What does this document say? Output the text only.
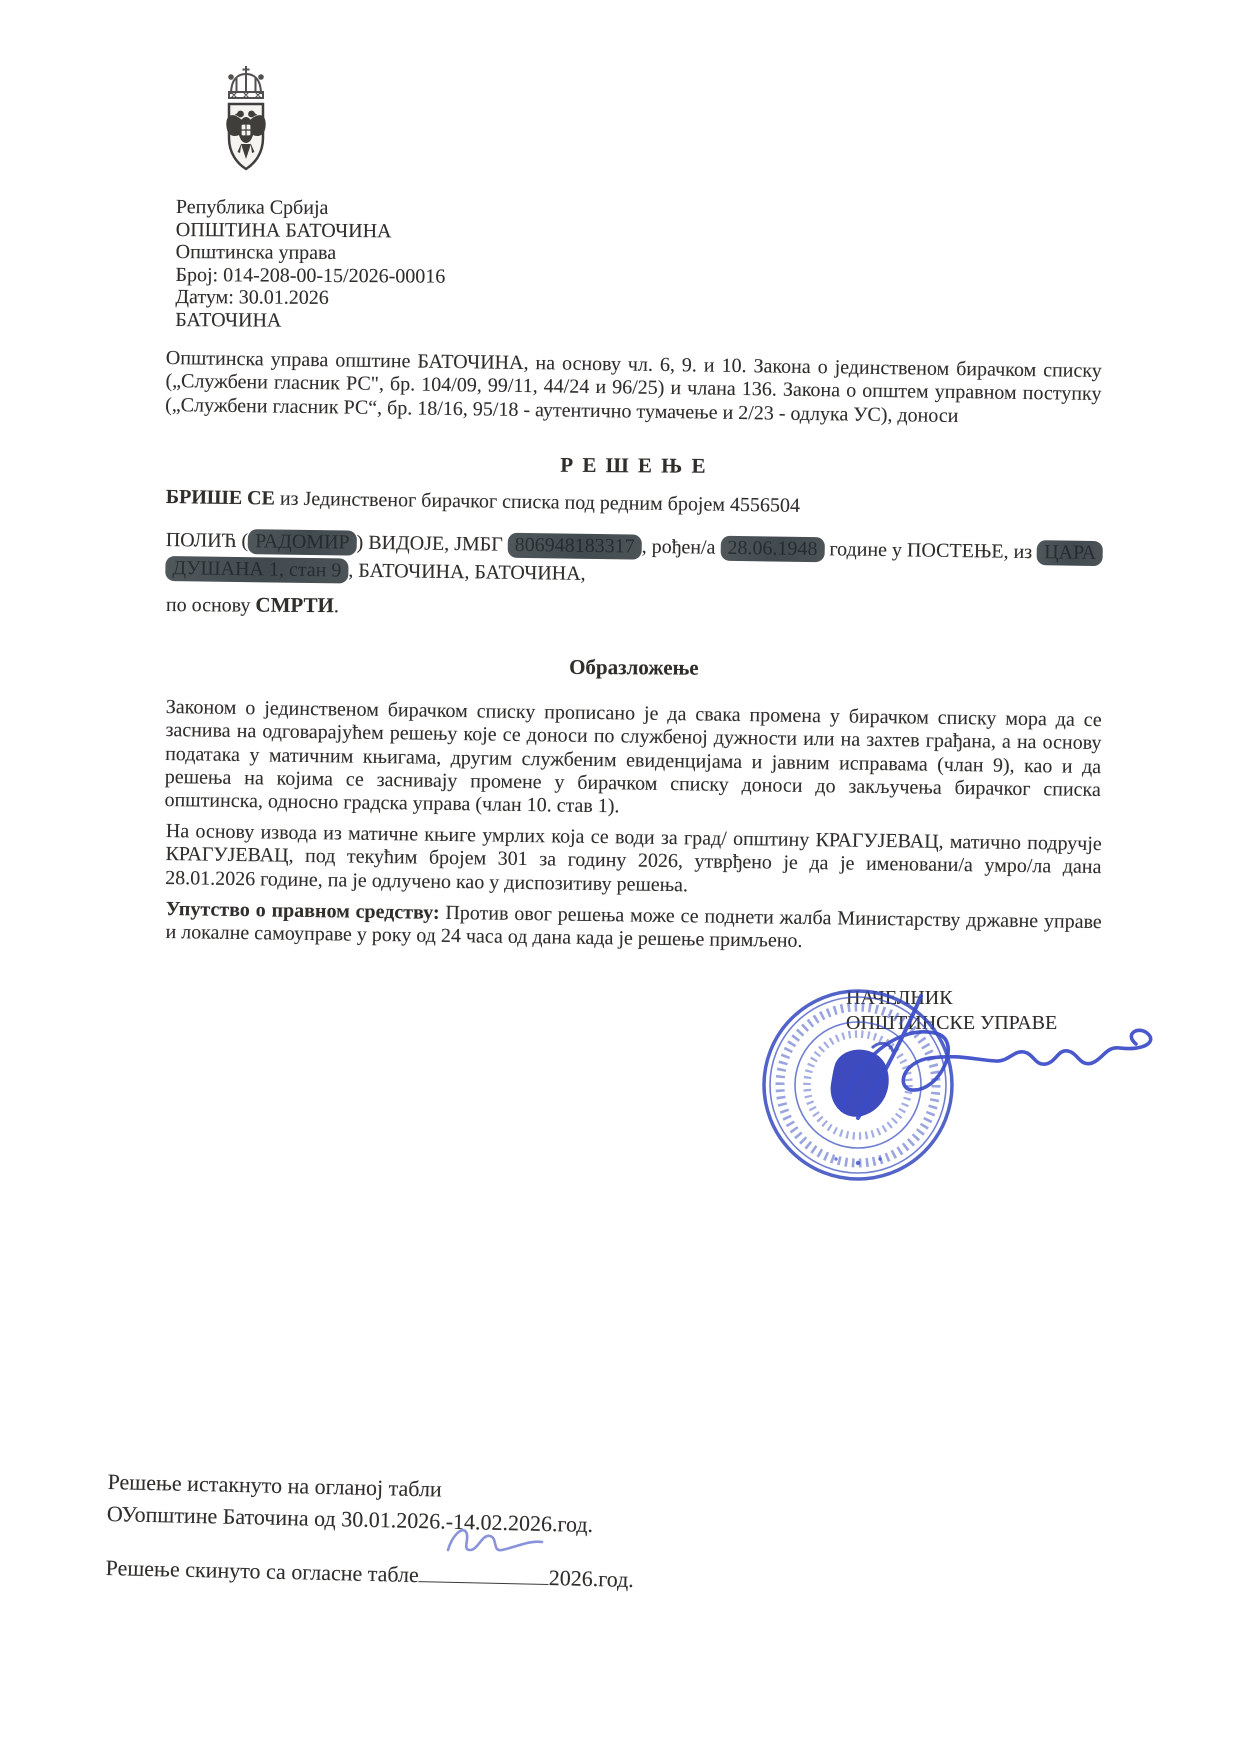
Република Србија
ОПШТИНА БАТОЧИНА
Општинска управа
Број: 014-208-00-15/2026-00016
Датум: 30.01.2026
БАТОЧИНА
Општинска управа општине БАТОЧИНА, на основу чл. 6, 9. и 10. Закона о јединственом бирачком списку („Службени гласник РС", бр. 104/09, 99/11, 44/24 и 96/25) и члана 136. Закона о општем управном поступку („Службени гласник РС“, бр. 18/16, 95/18 - аутентично тумачење и 2/23 - одлука УС), доноси
Р Е Ш Е Њ Е
БРИШЕ СЕ из Јединственог бирачког списка под редним бројем 4556504
ПОЛИЋ ( РАДОМИР ) ВИДОЈЕ, ЈМБГ 806948183317 , рођен/а 28.06.1948 године у ПОСТЕЊЕ, из ЦАРА
ДУШАНА 1, стан 9 , БАТОЧИНА, БАТОЧИНА,
по основу СМРТИ.
Образложење
Законом о јединственом бирачком списку прописано је да свака промена у бирачком списку мора да се заснива на одговарајућем решењу које се доноси по службеној дужности или на захтев грађана, а на основу података у матичним књигама, другим службеним евиденцијама и јавним исправама (члан 9), као и да решења на којима се заснивају промене у бирачком списку доноси до закључења бирачког списка општинска, односно градска управа (члан 10. став 1).
На основу извода из матичне књиге умрлих која се води за град/ општину КРАГУЈЕВАЦ, матично подручје КРАГУЈЕВАЦ, под текућим бројем 301 за годину 2026, утврђено је да је именовани/а умро/ла дана 28.01.2026 године, па је одлучено као у диспозитиву решења.
Упутство о правном средству: Против овог решења може се поднети жалба Министарству државне управе и локалне самоуправе у року од 24 часа од дана када је решење примљено.
НАЧЕЛНИК
ОПШТИНСКЕ УПРАВЕ
Решење истакнуто на огланој табли
ОУопштине Баточина од 30.01.2026.-14.02.2026.год.
Решење скинуто са огласне табле	2026.год.
